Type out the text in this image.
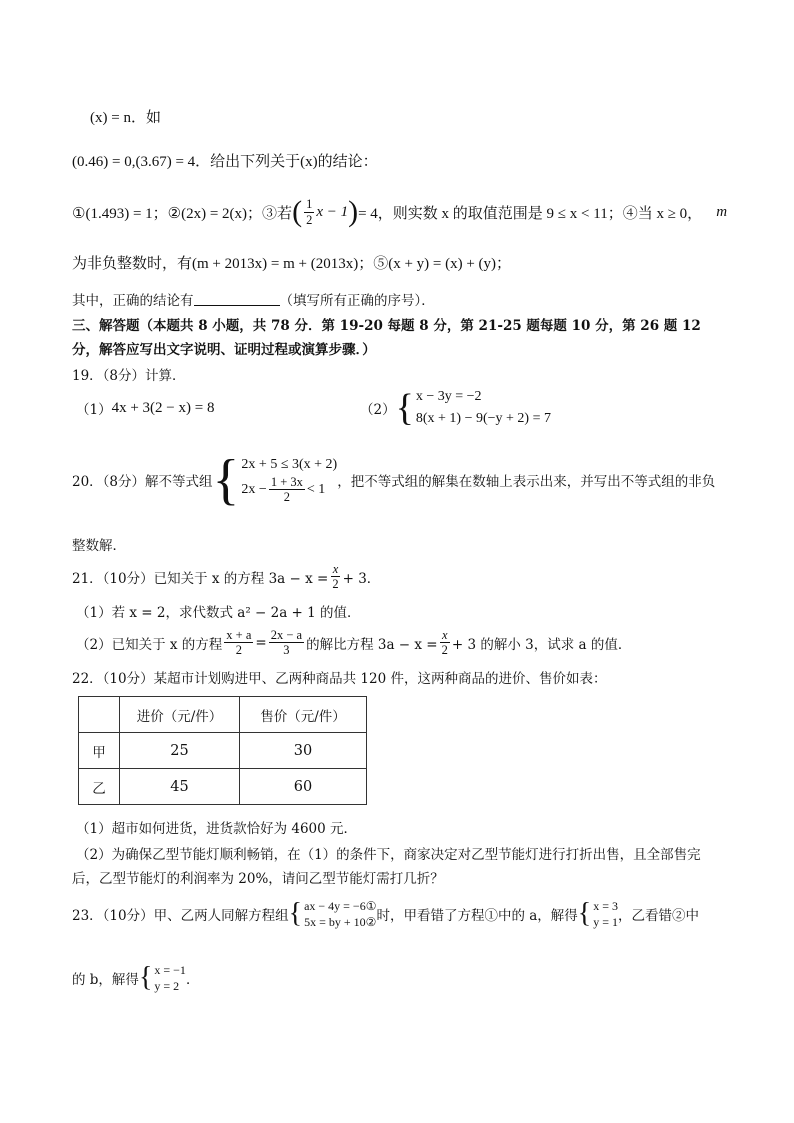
(x) = n．如
(0.46) = 0,(3.67) = 4．给出下列关于(x)的结论：
①(1.493) = 1； ②(2x) = 2(x)； ③若 ( $\frac{1}{2}$ x − 1 ) = 4，则实数 x 的取值范围是 9 ≤ x < 11；④当 x ≥ 0， m
为非负整数时，有(m + 2013x) = m + (2013x)；⑤(x + y) = (x) + (y)；
其中，正确的结论有	（填写所有正确的序号）．
三、解答题（本题共 8 小题，共 78 分．第 19-20 每题 8 分，第 21-25 题每题 10 分，第 26 题 12
分，解答应写出文字说明、证明过程或演算步骤．）
19．（8分）计算．
（1） 4x + 3(2 − x) = 8	（2） { x − 3y = −2
8(x + 1) − 9(−y + 2) = 7
20．（8分）解不等式组 { 2x + 5 ≤ 3(x + 2)
$2x - \frac{1 + 3x}{2} < 1$ ，把不等式组的解集在数轴上表示出来，并写出不等式组的非负
整数解．
21．（10分）已知关于 x 的方程 $3a - x = \frac{x}{2} + 3$．
（1）若 x = 2，求代数式 a² − 2a + 1 的值．
（2）已知关于 x 的方程 $\frac{x + a}{2} = \frac{2x - a}{3}$ 的解比方程 $3a - x = \frac{x}{2} + 3$ 的解小 3，试求 a 的值．
22．（10分）某超市计划购进甲、乙两种商品共 120 件，这两种商品的进价、售价如表：
	进价（元/件）	售价（元/件）
甲	25	30
乙	45	60
（1）超市如何进货，进货款恰好为 4600 元．
（2）为确保乙型节能灯顺利畅销，在（1）的条件下，商家决定对乙型节能灯进行打折出售，且全部售完
后，乙型节能灯的利润率为 20%，请问乙型节能灯需打几折？
23．（10分）甲、乙两人同解方程组 { ax − 4y = −6①
5x = by + 10② 时，甲看错了方程①中的 a，解得 { x = 3
y = 1 ，乙看错②中
的 b，解得 { x = −1
y = 2 ．
